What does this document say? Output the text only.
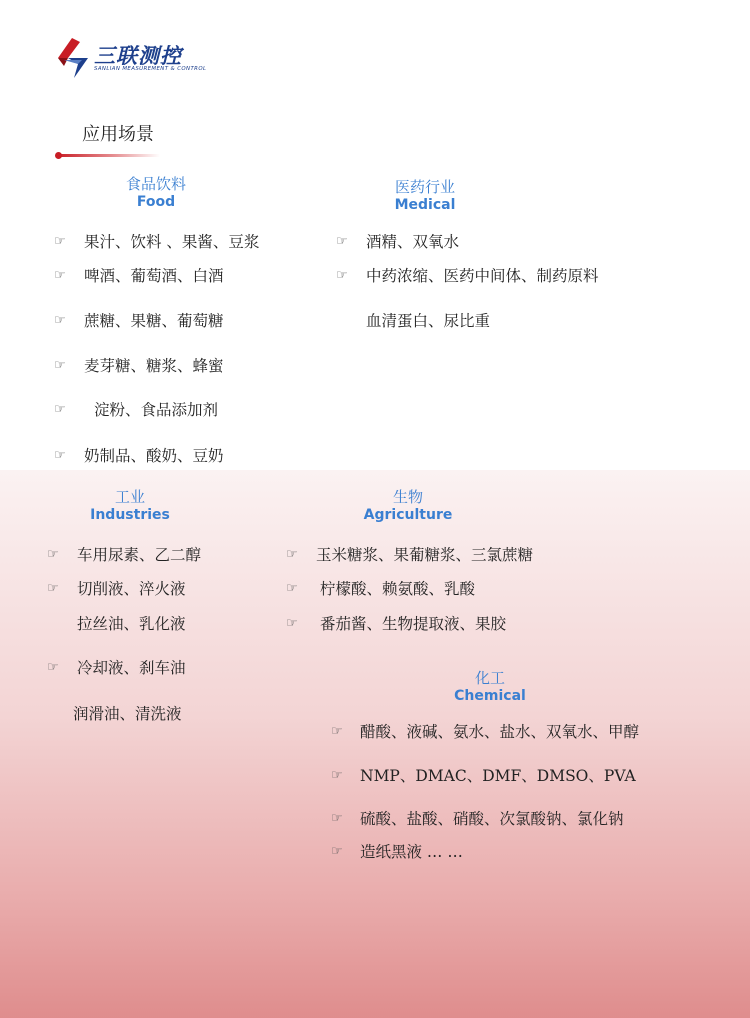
三联测控
SANLIAN MEASUREMENT & CONTROL
应用场景
食品饮料
Food
☞ 果汁、饮料 、果酱、豆浆
☞ 啤酒、葡萄酒、白酒
☞ 蔗糖、果糖、葡萄糖
☞ 麦芽糖、糖浆、蜂蜜
☞ 淀粉、食品添加剂
☞ 奶制品、酸奶、豆奶
医药行业
Medical
☞ 酒精、双氧水
☞ 中药浓缩、医药中间体、制药原料
血清蛋白、尿比重
工业
Industries
☞ 车用尿素、乙二醇
☞ 切削液、淬火液
拉丝油、乳化液
☞ 冷却液、刹车油
润滑油、清洗液
生物
Agriculture
☞ 玉米糖浆、果葡糖浆、三氯蔗糖
☞ 柠檬酸、赖氨酸、乳酸
☞ 番茄酱、生物提取液、果胶
化工
Chemical
☞ 醋酸、液碱、氨水、盐水、双氧水、甲醇
☞ NMP、DMAC、DMF、DMSO、PVA
☞ 硫酸、盐酸、硝酸、次氯酸钠、氯化钠
☞ 造纸黑液 … …
